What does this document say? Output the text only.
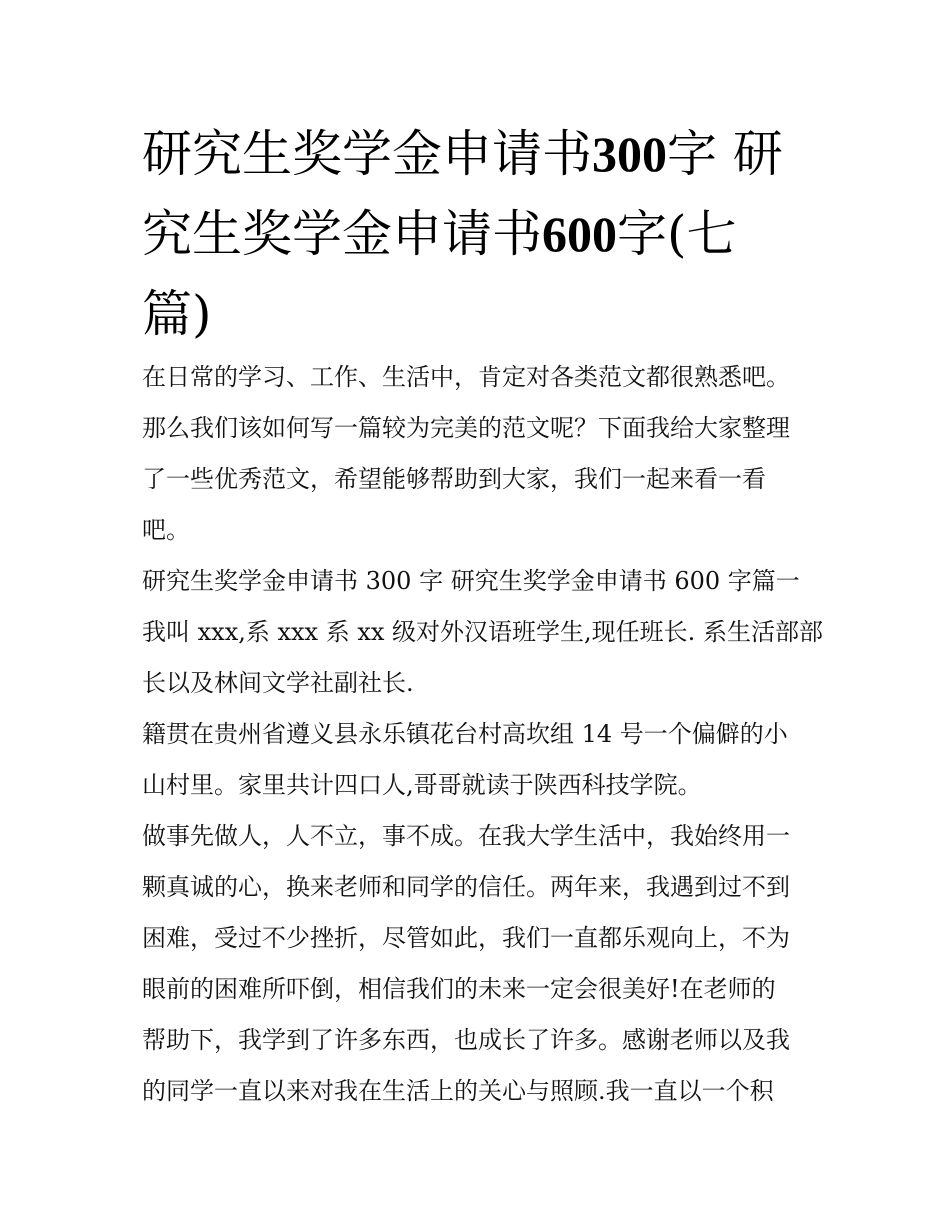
研究生奖学金申请书300字 研
究生奖学金申请书600字(七
篇)
在日常的学习、工作、生活中，肯定对各类范文都很熟悉吧。
那么我们该如何写一篇较为完美的范文呢？下面我给大家整理
了一些优秀范文，希望能够帮助到大家，我们一起来看一看
吧。
研究生奖学金申请书 300 字 研究生奖学金申请书 600 字篇一
我叫 xxx,系 xxx 系 xx 级对外汉语班学生,现任班长. 系生活部部
长以及林间文学社副社长.
籍贯在贵州省遵义县永乐镇花台村高坎组 14 号一个偏僻的小
山村里。家里共计四口人,哥哥就读于陕西科技学院。
做事先做人，人不立，事不成。在我大学生活中，我始终用一
颗真诚的心，换来老师和同学的信任。两年来，我遇到过不到
困难，受过不少挫折，尽管如此，我们一直都乐观向上，不为
眼前的困难所吓倒，相信我们的未来一定会很美好!在老师的
帮助下，我学到了许多东西，也成长了许多。感谢老师以及我
的同学一直以来对我在生活上的关心与照顾.我一直以一个积
